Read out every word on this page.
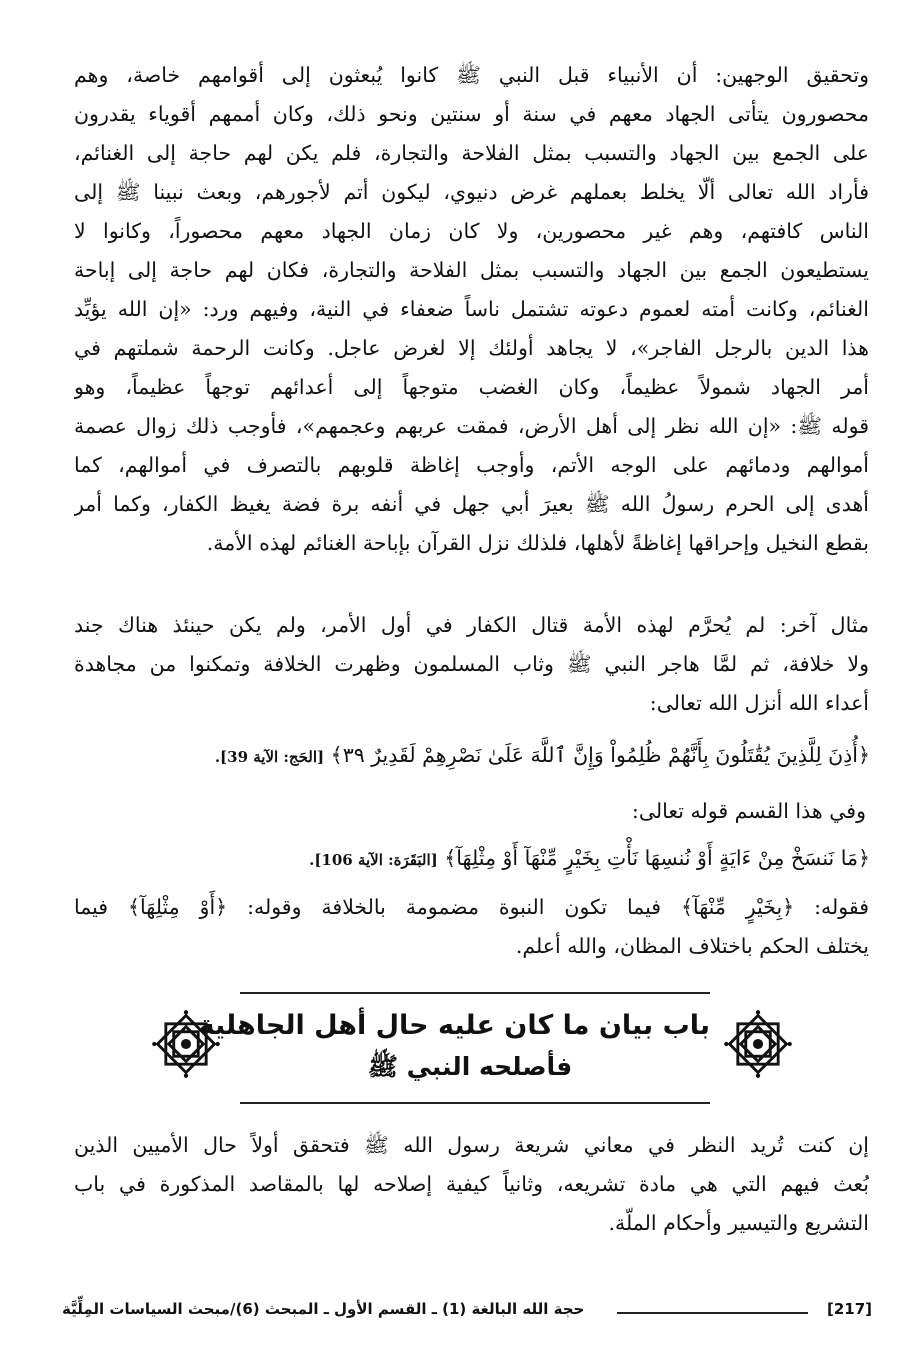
وتحقيق الوجهين: أن الأنبياء قبل النبي ﷺ كانوا يُبعثون إلى أقوامهم خاصة، وهم
محصورون يتأتى الجهاد معهم في سنة أو سنتين ونحو ذلك، وكان أممهم أقوياء يقدرون
على الجمع بين الجهاد والتسبب بمثل الفلاحة والتجارة، فلم يكن لهم حاجة إلى الغنائم،
فأراد الله تعالى ألّا يخلط بعملهم غرض دنيوي، ليكون أتم لأجورهم، وبعث نبينا ﷺ إلى
الناس كافتهم، وهم غير محصورين، ولا كان زمان الجهاد معهم محصوراً، وكانوا لا
يستطيعون الجمع بين الجهاد والتسبب بمثل الفلاحة والتجارة، فكان لهم حاجة إلى إباحة
الغنائم، وكانت أمته لعموم دعوته تشتمل ناساً ضعفاء في النية، وفيهم ورد: «إن الله يؤيِّد
هذا الدين بالرجل الفاجر»، لا يجاهد أولئك إلا لغرض عاجل. وكانت الرحمة شملتهم في
أمر الجهاد شمولاً عظيماً، وكان الغضب متوجهاً إلى أعدائهم توجهاً عظيماً، وهو
قوله ﷺ: «إن الله نظر إلى أهل الأرض، فمقت عربهم وعجمهم»، فأوجب ذلك زوال عصمة
أموالهم ودمائهم على الوجه الأتم، وأوجب إغاظة قلوبهم بالتصرف في أموالهم، كما
أهدى إلى الحرم رسولُ الله ﷺ بعيرَ أبي جهل في أنفه برة فضة يغيظ الكفار، وكما أمر
بقطع النخيل وإحراقها إغاظةً لأهلها، فلذلك نزل القرآن بإباحة الغنائم لهذه الأمة.
مثال آخر: لم يُحرَّم لهذه الأمة قتال الكفار في أول الأمر، ولم يكن حينئذ هناك جند
ولا خلافة، ثم لمَّا هاجر النبي ﷺ وثاب المسلمون وظهرت الخلافة وتمكنوا من مجاهدة
أعداء الله أنزل الله تعالى:
﴿أُذِنَ لِلَّذِينَ يُقَٰتَلُونَ بِأَنَّهُمْ ظُلِمُواْ وَإِنَّ ٱللَّهَ عَلَىٰ نَصْرِهِمْ لَقَدِيرٌ ٣٩﴾ [الحَج: الآية 39].
وفي هذا القسم قوله تعالى:
﴿مَا نَنسَخْ مِنْ ءَايَةٍ أَوْ نُنسِهَا نَأْتِ بِخَيْرٍ مِّنْهَآ أَوْ مِثْلِهَآ﴾ [البَقَرَة: الآية 106].
فقوله: ﴿بِخَيْرٍ مِّنْهَآ﴾ فيما تكون النبوة مضمومة بالخلافة وقوله: ﴿أَوْ مِثْلِهَآ﴾ فيما
يختلف الحكم باختلاف المظان، والله أعلم.
باب بيان ما كان عليه حال أهل الجاهلية
فأصلحه النبي ﷺ
إن كنت تُريد النظر في معاني شريعة رسول الله ﷺ فتحقق أولاً حال الأميين الذين
بُعث فيهم التي هي مادة تشريعه، وثانياً كيفية إصلاحه لها بالمقاصد المذكورة في باب
التشريع والتيسير وأحكام الملّة.
[217]
حجة الله البالغة (1) ـ القسم الأول ـ المبحث (6)/مبحث السياسات المِلِّيَّة
